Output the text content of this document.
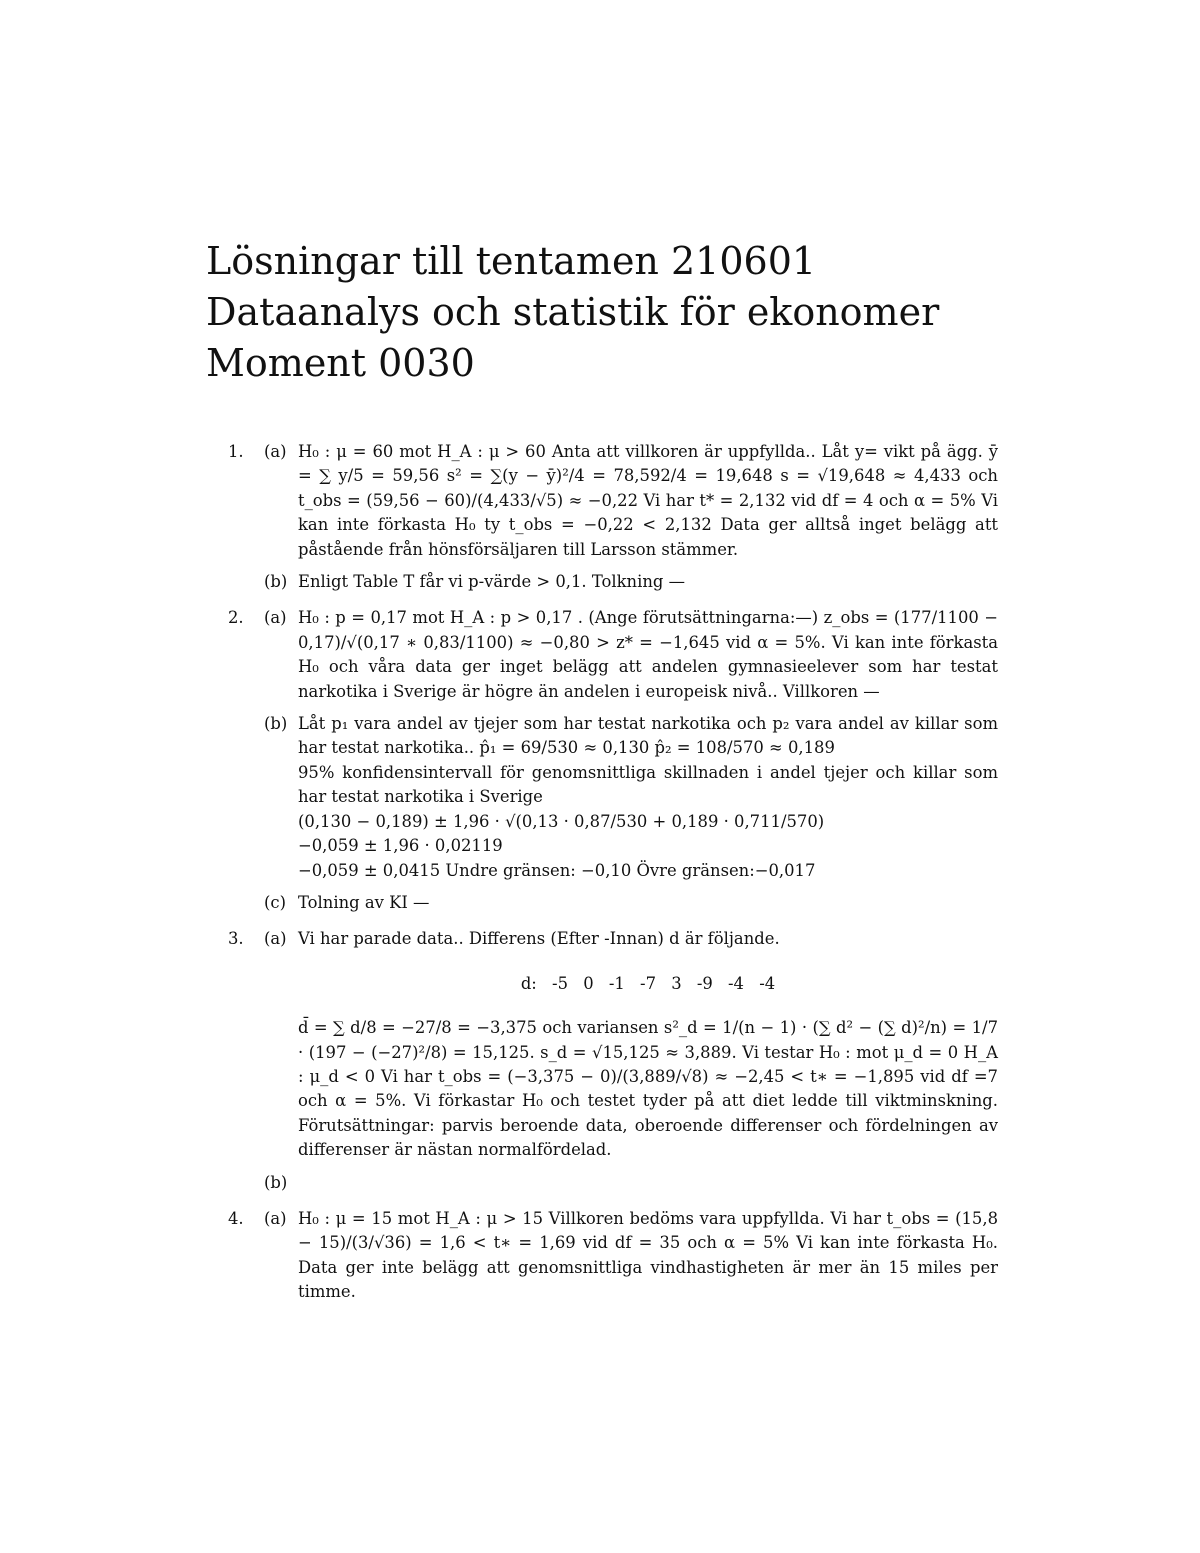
Lösningar till tentamen 210601
Dataanalys och statistik för ekonomer
Moment 0030
1. (a) H₀ : μ = 60 mot H_A : μ > 60 Anta att villkoren är uppfyllda.. Låt y= vikt på ägg. ȳ = ∑ y/5 = 59,56 s² = ∑(y − ȳ)²/4 = 78,592/4 = 19,648 s = √19,648 ≈ 4,433 och t_obs = (59,56 − 60)/(4,433/√5) ≈ −0,22 Vi har t* = 2,132 vid df = 4 och α = 5% Vi kan inte förkasta H₀ ty t_obs = −0,22 < 2,132 Data ger alltså inget belägg att påstående från hönsförsäljaren till Larsson stämmer.
(b) Enligt Table T får vi p-värde > 0,1. Tolkning —
2. (a) H₀ : p = 0,17 mot H_A : p > 0,17 . (Ange förutsättningarna:—) z_obs = (177/1100 − 0,17)/√(0,17 ∗ 0,83/1100) ≈ −0,80 > z* = −1,645 vid α = 5%. Vi kan inte förkasta H₀ och våra data ger inget belägg att andelen gymnasieelever som har testat narkotika i Sverige är högre än andelen i europeisk nivå.. Villkoren —
(b) Låt p₁ vara andel av tjejer som har testat narkotika och p₂ vara andel av killar som har testat narkotika.. p̂₁ = 69/530 ≈ 0,130 p̂₂ = 108/570 ≈ 0,189
95% konfidensintervall för genomsnittliga skillnaden i andel tjejer och killar som har testat narkotika i Sverige
(0,130 − 0,189) ± 1,96 · √(0,13 · 0,87/530 + 0,189 · 0,711/570)
−0,059 ± 1,96 · 0,02119
−0,059 ± 0,0415 Undre gränsen: −0,10 Övre gränsen:−0,017
(c) Tolning av KI —
3. (a) Vi har parade data.. Differens (Efter -Innan) d är följande.
d: -5 0 -1 -7 3 -9 -4 -4
d̄ = ∑ d/8 = −27/8 = −3,375 och variansen s²_d = 1/(n − 1) · (∑ d² − (∑ d)²/n) = 1/7 · (197 − (−27)²/8) = 15,125. s_d = √15,125 ≈ 3,889. Vi testar H₀ : mot μ_d = 0 H_A : μ_d < 0 Vi har t_obs = (−3,375 − 0)/(3,889/√8) ≈ −2,45 < t∗ = −1,895 vid df =7 och α = 5%. Vi förkastar H₀ och testet tyder på att diet ledde till viktminskning. Förutsättningar: parvis beroende data, oberoende differenser och fördelningen av differenser är nästan normalfördelad.
(b)

4. (a) H₀ : μ = 15 mot H_A : μ > 15 Villkoren bedöms vara uppfyllda. Vi har t_obs = (15,8 − 15)/(3/√36) = 1,6 < t∗ = 1,69 vid df = 35 och α = 5% Vi kan inte förkasta H₀. Data ger inte belägg att genomsnittliga vindhastigheten är mer än 15 miles per timme.
